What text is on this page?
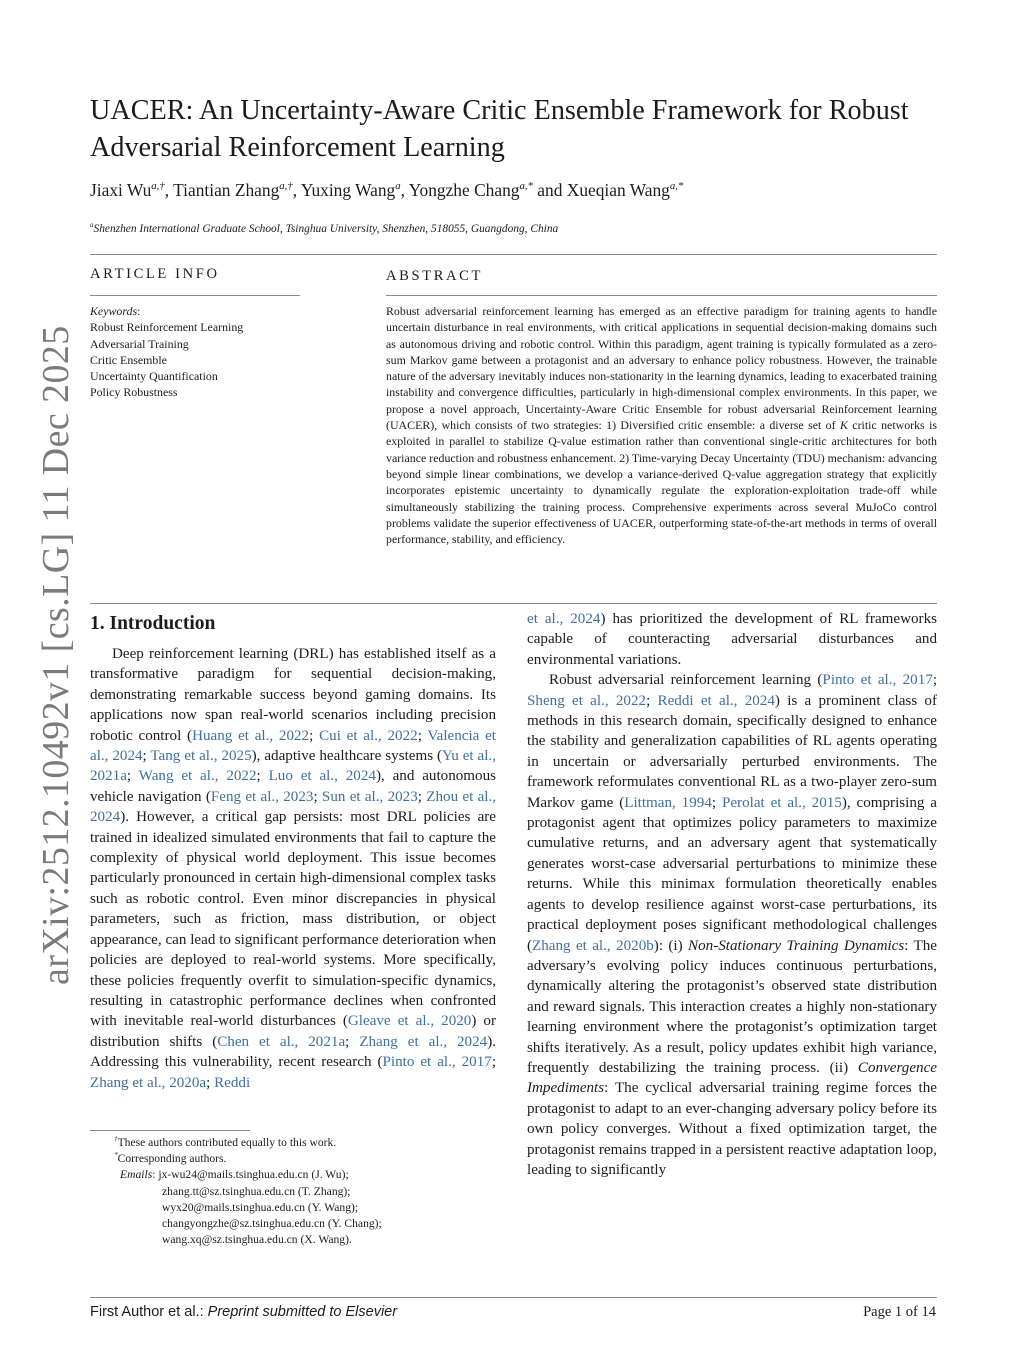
arXiv:2512.10492v1 [cs.LG] 11 Dec 2025
UACER: An Uncertainty-Aware Critic Ensemble Framework for Robust Adversarial Reinforcement Learning
Jiaxi $Wu^{a,\dagger}$, Tiantian Zhang$^{a,\dagger}$, Yuxing Wang$^a$, Yongzhe Chang$^{a,*}$ and Xueqian Wang$^{a,*}$
$^a$Shenzhen International Graduate School, Tsinghua University, Shenzhen, 518055, Guangdong, China
ARTICLE INFO
Keywords:
Robust Reinforcement Learning
Adversarial Training
Critic Ensemble
Uncertainty Quantification
Policy Robustness
ABSTRACT
Robust adversarial reinforcement learning has emerged as an effective paradigm for training agents to handle uncertain disturbance in real environments, with critical applications in sequential decision-making domains such as autonomous driving and robotic control. Within this paradigm, agent training is typically formulated as a zero-sum Markov game between a protagonist and an adversary to enhance policy robustness. However, the trainable nature of the adversary inevitably induces non-stationarity in the learning dynamics, leading to exacerbated training instability and convergence difficulties, particularly in high-dimensional complex environments. In this paper, we propose a novel approach, Uncertainty-Aware Critic Ensemble for robust adversarial Reinforcement learning (UACER), which consists of two strategies: 1) Diversified critic ensemble: a diverse set of K critic networks is exploited in parallel to stabilize Q-value estimation rather than conventional single-critic architectures for both variance reduction and robustness enhancement. 2) Time-varying Decay Uncertainty (TDU) mechanism: advancing beyond simple linear combinations, we develop a variance-derived Q-value aggregation strategy that explicitly incorporates epistemic uncertainty to dynamically regulate the exploration-exploitation trade-off while simultaneously stabilizing the training process. Comprehensive experiments across several MuJoCo control problems validate the superior effectiveness of UACER, outperforming state-of-the-art methods in terms of overall performance, stability, and efficiency.
1. Introduction

Deep reinforcement learning (DRL) has established itself as a transformative paradigm for sequential decision-making, demonstrating remarkable success beyond gaming domains. Its applications now span real-world scenarios including precision robotic control (Huang et al., 2022; Cui et al., 2022; Valencia et al., 2024; Tang et al., 2025), adaptive healthcare systems (Yu et al., 2021a; Wang et al., 2022; Luo et al., 2024), and autonomous vehicle navigation (Feng et al., 2023; Sun et al., 2023; Zhou et al., 2024). However, a critical gap persists: most DRL policies are trained in idealized simulated environments that fail to capture the complexity of physical world deployment. This issue becomes particularly pronounced in certain high-dimensional complex tasks such as robotic control. Even minor discrepancies in physical parameters, such as friction, mass distribution, or object appearance, can lead to significant performance deterioration when policies are deployed to real-world systems. More specifically, these policies frequently overfit to simulation-specific dynamics, resulting in catastrophic performance declines when confronted with inevitable real-world disturbances (Gleave et al., 2020) or distribution shifts (Chen et al., 2021a; Zhang et al., 2024). Addressing this vulnerability, recent research (Pinto et al., 2017; Zhang et al., 2020a; Reddi

et al., 2024) has prioritized the development of RL frameworks capable of counteracting adversarial disturbances and environmental variations.

Robust adversarial reinforcement learning (Pinto et al., 2017; Sheng et al., 2022; Reddi et al., 2024) is a prominent class of methods in this research domain, specifically designed to enhance the stability and generalization capabilities of RL agents operating in uncertain or adversarially perturbed environments. The framework reformulates conventional RL as a two-player zero-sum Markov game (Littman, 1994; Perolat et al., 2015), comprising a protagonist agent that optimizes policy parameters to maximize cumulative returns, and an adversary agent that systematically generates worst-case adversarial perturbations to minimize these returns. While this minimax formulation theoretically enables agents to develop resilience against worst-case perturbations, its practical deployment poses significant methodological challenges (Zhang et al., 2020b): (i) Non-Stationary Training Dynamics: The adversary’s evolving policy induces continuous perturbations, dynamically altering the protagonist’s observed state distribution and reward signals. This interaction creates a highly non-stationary learning environment where the protagonist’s optimization target shifts iteratively. As a result, policy updates exhibit high variance, frequently destabilizing the training process. (ii) Convergence Impediments: The cyclical adversarial training regime forces the protagonist to adapt to an ever-changing adversary policy before its own policy converges. Without a fixed optimization target, the protagonist remains trapped in a persistent reactive adaptation loop, leading to significantly

†These authors contributed equally to this work.
*Corresponding authors.
Emails: jx-wu24@mails.tsinghua.edu.cn (J. Wu);
zhang.tt@sz.tsinghua.edu.cn (T. Zhang);
wyx20@mails.tsinghua.edu.cn (Y. Wang);
changyongzhe@sz.tsinghua.edu.cn (Y. Chang);
wang.xq@sz.tsinghua.edu.cn (X. Wang).
First Author et al.: Preprint submitted to Elsevier	Page 1 of 14
